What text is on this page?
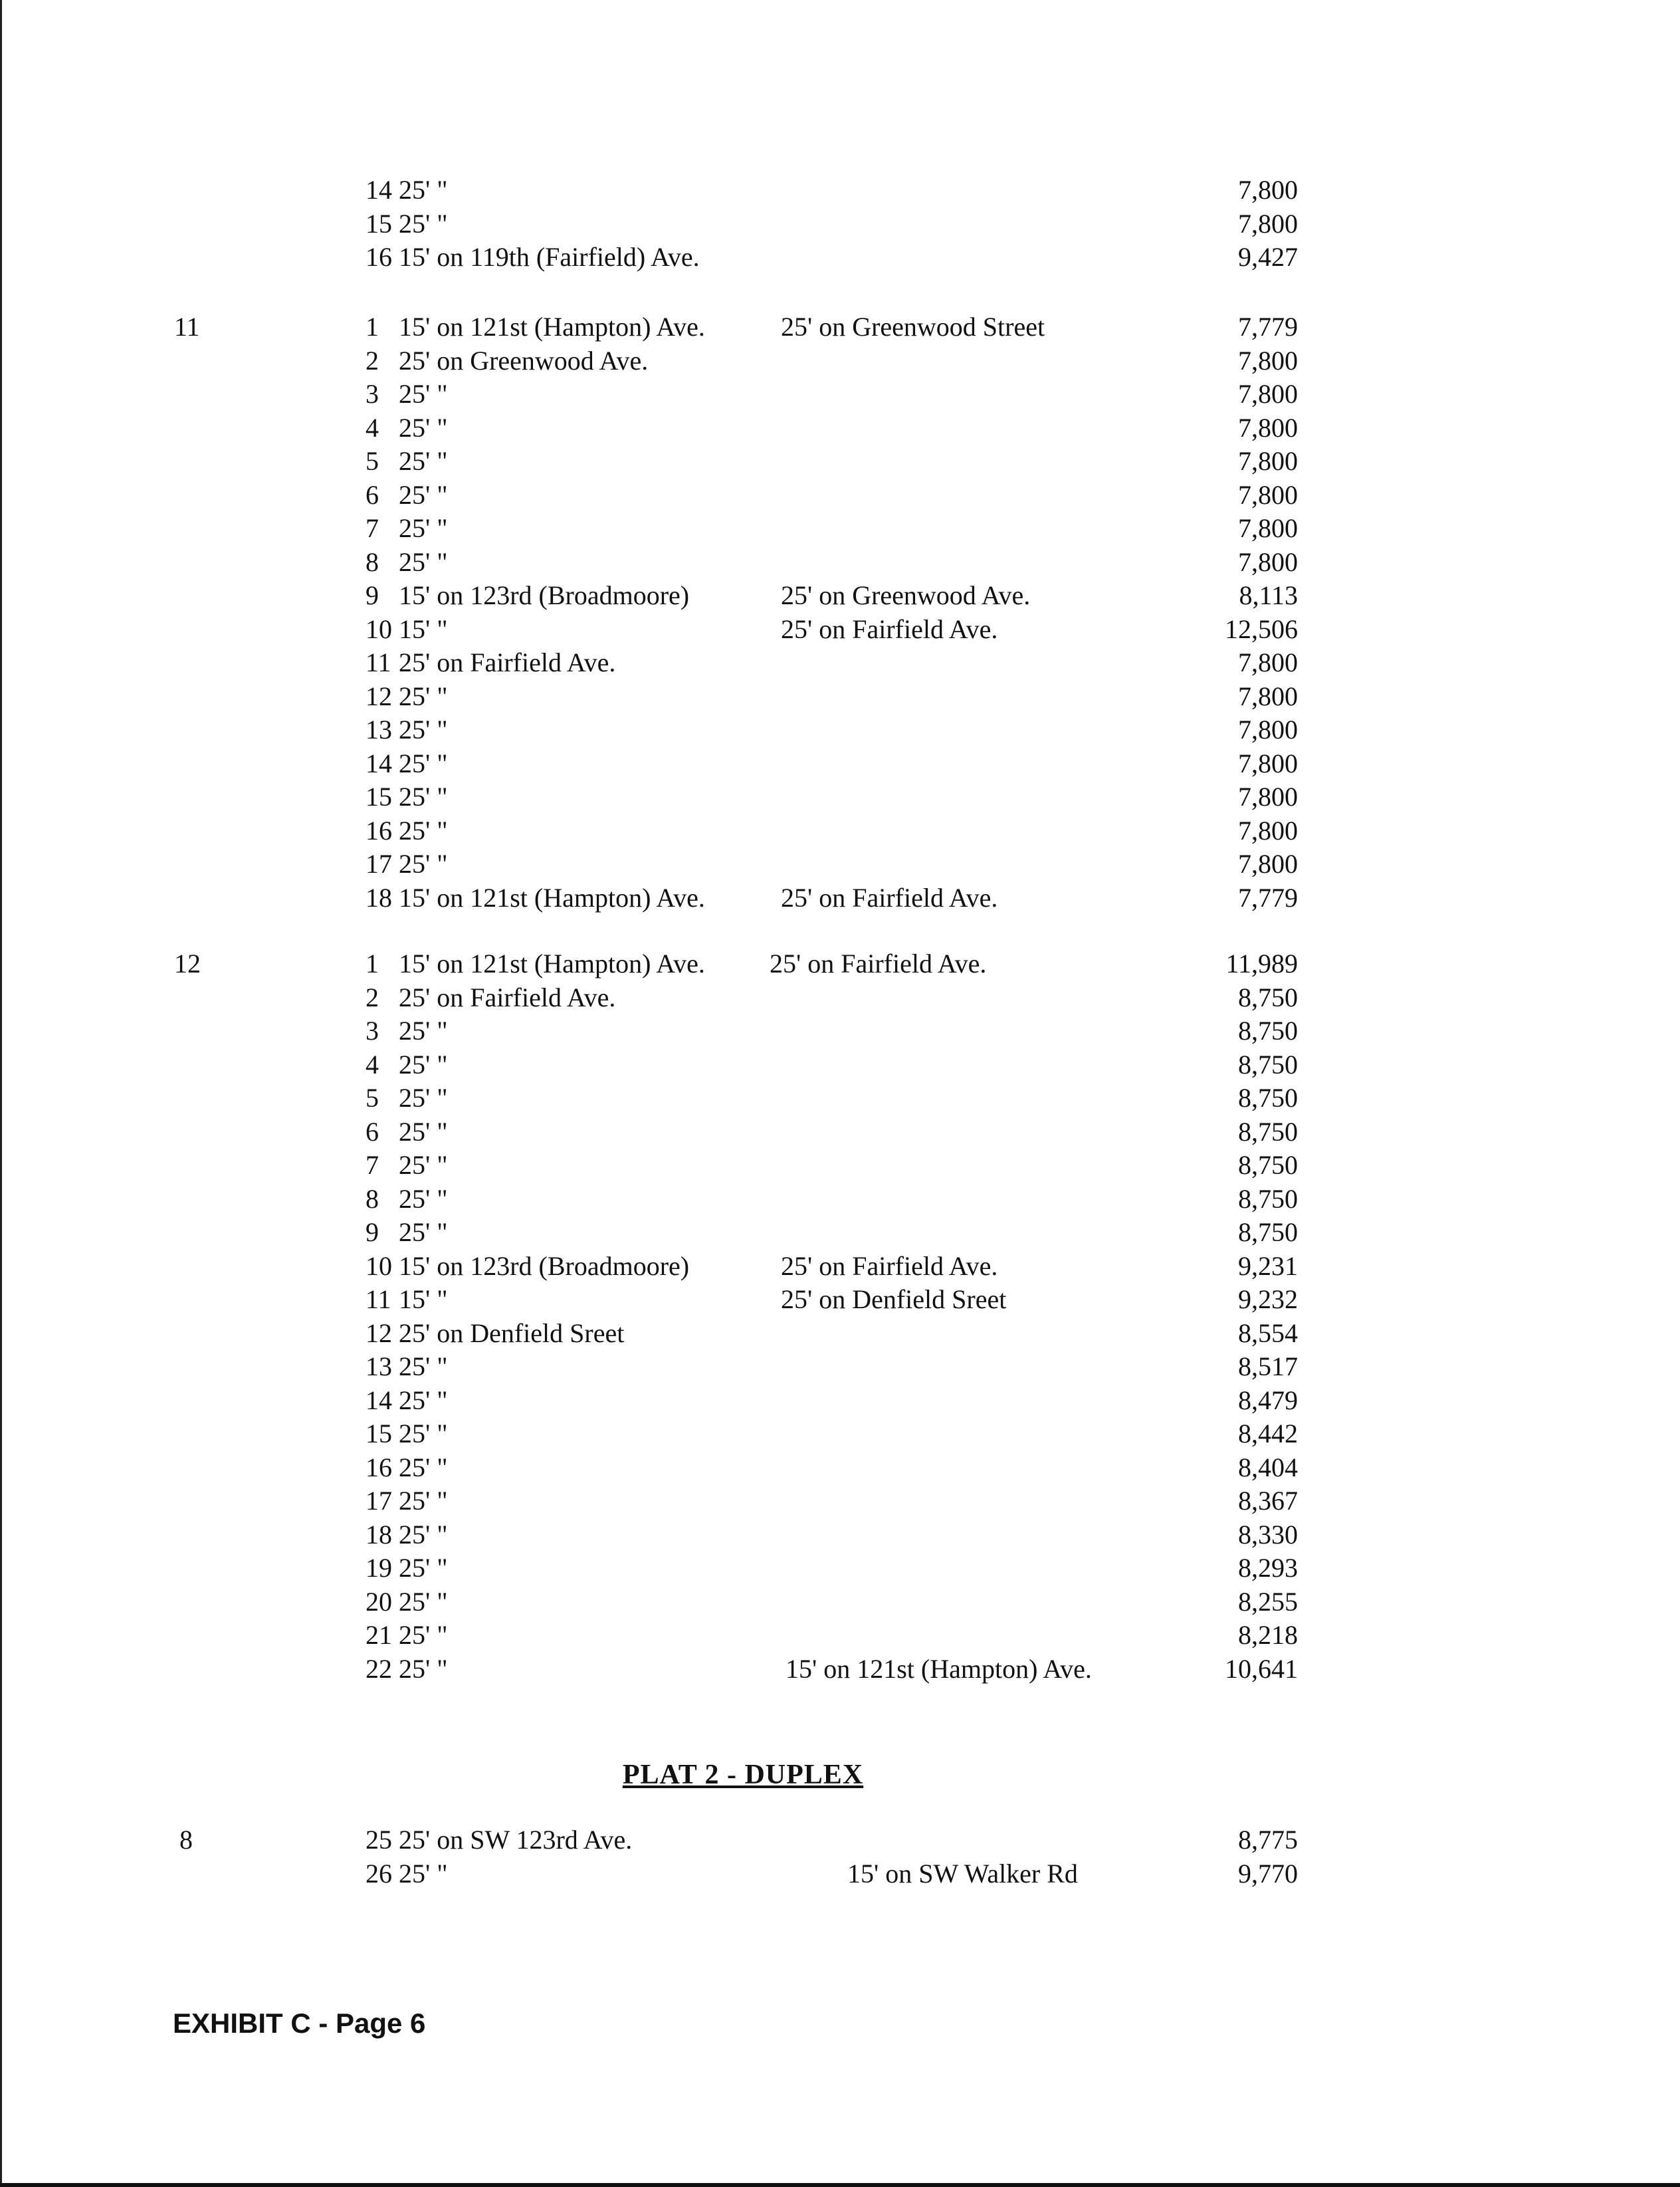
14 25' "	7,800
15 25' "	7,800
16 15' on 119th (Fairfield) Ave.	9,427
11	1 15' on 121st (Hampton) Ave.	25' on Greenwood Street	7,779
2 25' on Greenwood Ave.	7,800
3 25' "	7,800
4 25' "	7,800
5 25' "	7,800
6 25' "	7,800
7 25' "	7,800
8 25' "	7,800
9 15' on 123rd (Broadmoore)	25' on Greenwood Ave.	8,113
10 15' "	25' on Fairfield Ave.	12,506
11 25' on Fairfield Ave.	7,800
12 25' "	7,800
13 25' "	7,800
14 25' "	7,800
15 25' "	7,800
16 25' "	7,800
17 25' "	7,800
18 15' on 121st (Hampton) Ave.	25' on Fairfield Ave.	7,779
12	1 15' on 121st (Hampton) Ave. 25' on Fairfield Ave.	11,989
2 25' on Fairfield Ave.	8,750
3 25' "	8,750
4 25' "	8,750
5 25' "	8,750
6 25' "	8,750
7 25' "	8,750
8 25' "	8,750
9 25' "	8,750
10 15' on 123rd (Broadmoore)	25' on Fairfield Ave.	9,231
11 15' "	25' on Denfield Sreet	9,232
12 25' on Denfield Sreet	8,554
13 25' "	8,517
14 25' "	8,479
15 25' "	8,442
16 25' "	8,404
17 25' "	8,367
18 25' "	8,330
19 25' "	8,293
20 25' "	8,255
21 25' "	8,218
22 25' "	15' on 121st (Hampton) Ave.	10,641
PLAT 2 - DUPLEX
8	25 25' on SW 123rd Ave.	8,775
26 25' "	15' on SW Walker Rd	9,770
EXHIBIT C - Page 6
